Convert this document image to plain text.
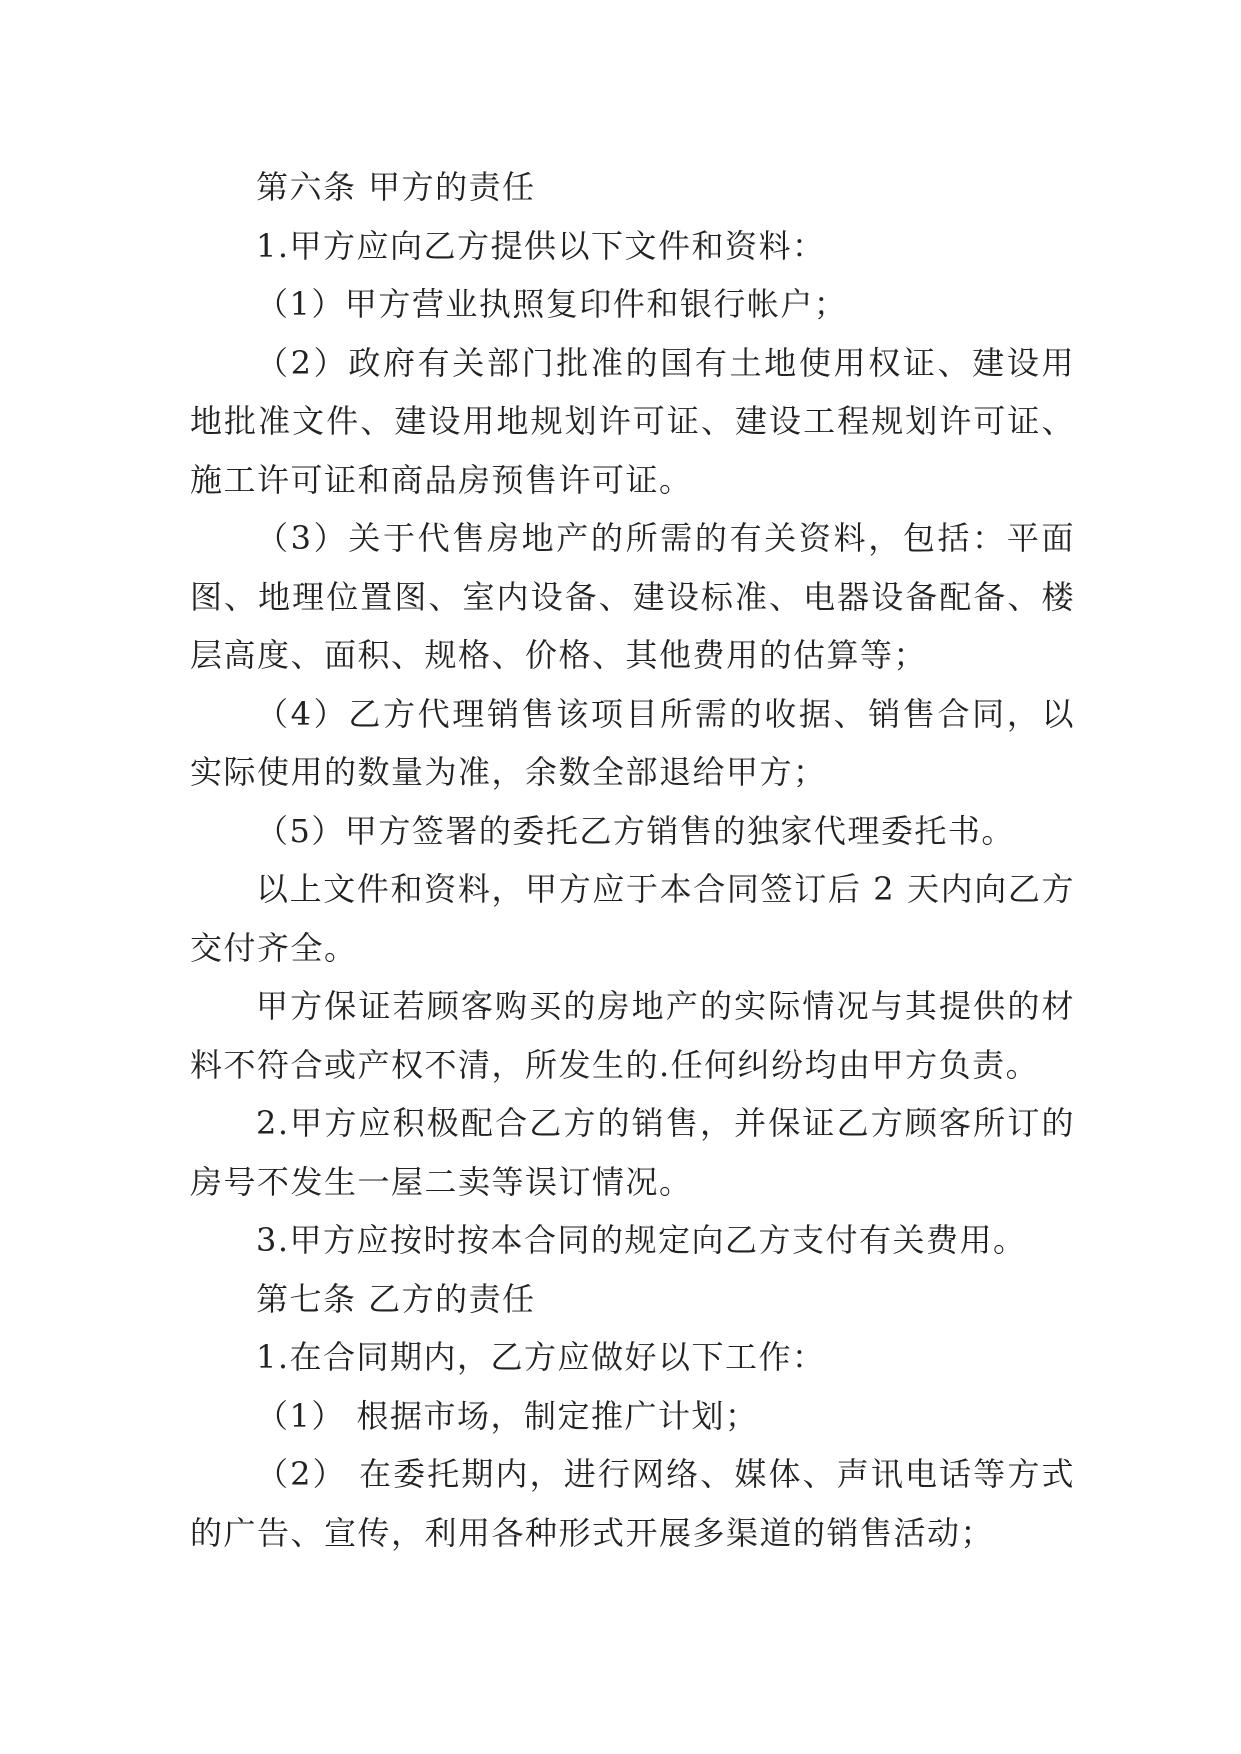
第六条 甲方的责任

1.甲方应向乙方提供以下文件和资料：

（1）甲方营业执照复印件和银行帐户；

（2）政府有关部门批准的国有土地使用权证、建设用地批准文件、建设用地规划许可证、建设工程规划许可证、施工许可证和商品房预售许可证。

（3）关于代售房地产的所需的有关资料，包括：平面图、地理位置图、室内设备、建设标准、电器设备配备、楼层高度、面积、规格、价格、其他费用的估算等；

（4）乙方代理销售该项目所需的收据、销售合同，以实际使用的数量为准，余数全部退给甲方；

（5）甲方签署的委托乙方销售的独家代理委托书。

以上文件和资料，甲方应于本合同签订后 2 天内向乙方交付齐全。

甲方保证若顾客购买的房地产的实际情况与其提供的材料不符合或产权不清，所发生的.任何纠纷均由甲方负责。

2.甲方应积极配合乙方的销售，并保证乙方顾客所订的房号不发生一屋二卖等误订情况。

3.甲方应按时按本合同的规定向乙方支付有关费用。

第七条 乙方的责任

1.在合同期内，乙方应做好以下工作：

（1） 根据市场，制定推广计划；

（2） 在委托期内，进行网络、媒体、声讯电话等方式的广告、宣传，利用各种形式开展多渠道的销售活动；
